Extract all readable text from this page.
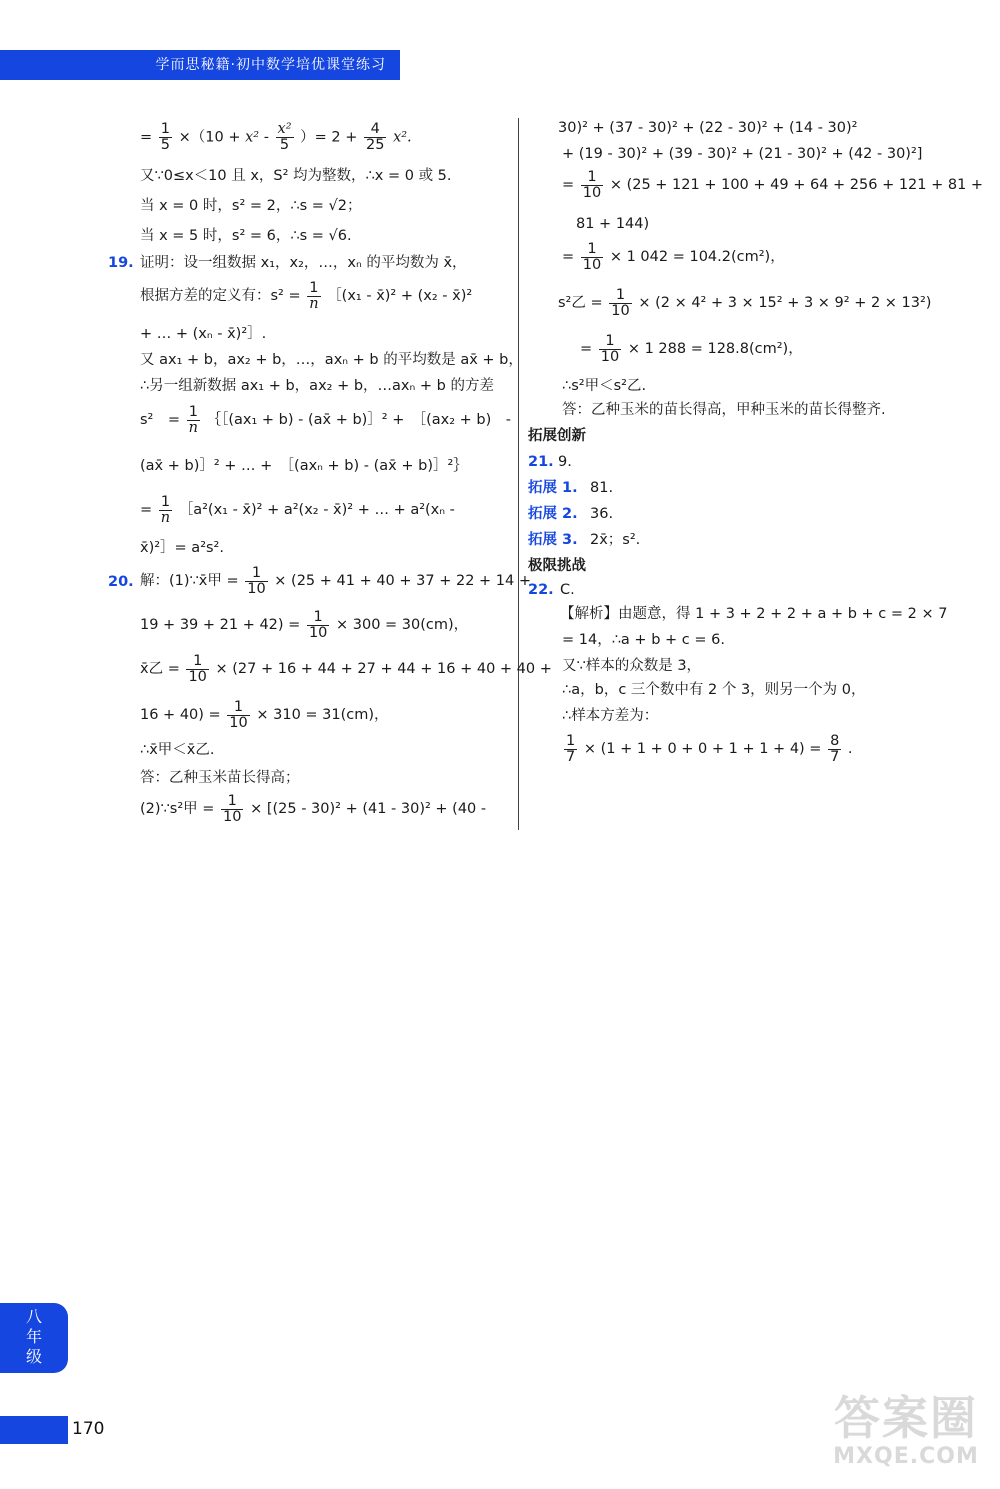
学而思秘籍·初中数学培优课堂练习
= $\frac{1}{5} \times(10 + x^2 - \frac{\text{x²}}{5}$ ）= $2 + \frac{4}{25} x^2$.
又∵0≤x＜10 且 x，S² 均为整数，∴x = 0 或 5.
当 x = 0 时，s² = 2，∴s = √2；
当 x = 5 时，s² = 6，∴s = √6.
19. 证明：设一组数据 x₁，x₂，…，xₙ 的平均数为 x̄，
根据方差的定义有：$s^2 = \frac{1}{n}$ ［(x₁ - x̄)² + (x₂ - x̄)²
+ … + (xₙ - x̄)²］.
又 ax₁ + b，ax₂ + b，…，axₙ + b 的平均数是 ax̄ + b，
∴另一组新数据 ax₁ + b，ax₂ + b，…axₙ + b 的方差
s²　= $\frac{1}{n}$ ｛［(ax₁ + b) - (ax̄ + b)］² +　［(ax₂ + b)　-
(ax̄ + b)］² + … +　［(axₙ + b) - (ax̄ + b)］²｝
= $\frac{1}{n}$ ［a²(x₁ - x̄)² + a²(x₂ - x̄)² + … + a²(xₙ -
x̄)²］= a²s².
20. 解：(1)∵x̄甲 = $\frac{1}{10} \times (25 + 41 + 40 + 37 + 22 + 14$ +
$19 + 39 + 21 + 42) = \frac{1}{10} \times 300 = 30(cm)$，
x̄乙 = $\frac{1}{10} \times (27 + 16 + 44 + 27 + 44 + 16 + 40 + 40$ +
$16 + 40) = \frac{1}{10} \times 310 = 31(cm)$，
∴x̄甲＜x̄乙.
答：乙种玉米苗长得高；
(2)∵s²甲 = $\frac{1}{10} \times [(25 - 30)^2 + (41 - 30)^2 + (40$ -
30)² + (37 - 30)² + (22 - 30)² + (14 - 30)²
+ (19 - 30)² + (39 - 30)² + (21 - 30)² + (42 - 30)²]
= $\frac{1}{10} \times (25 + 121 + 100 + 49 + 64 + 256 + 121 + 81$ +
81 + 144)
= $\frac{1}{10} \times 1$ 042 = 104.2(cm²)，
s²乙 = $\frac{1}{10} \times (2 \times 4^2 + 3 \times 15^2 + 3 \times 9^2 + 2 \times 13^2)$
= $\frac{1}{10} \times 1$ 288 = 128.8(cm²)，
∴s²甲＜s²乙.
答：乙种玉米的苗长得高，甲种玉米的苗长得整齐.
拓展创新
21. 9.
拓展 1. 81.
拓展 2. 36.
拓展 3. 2x̄；s².
极限挑战
22. C.
【解析】由题意，得 1 + 3 + 2 + 2 + a + b + c = 2 × 7
= 14，∴a + b + c = 6.
又∵样本的众数是 3，
∴a，b，c 三个数中有 2 个 3，则另一个为 0，
∴样本方差为：
$\frac{1}{7} \times (1 + 1 + 0 + 0 + 1 + 1 + 4) = \frac{8}{7}$ .
八
年
级
170	答案圈
MXQE.COM
